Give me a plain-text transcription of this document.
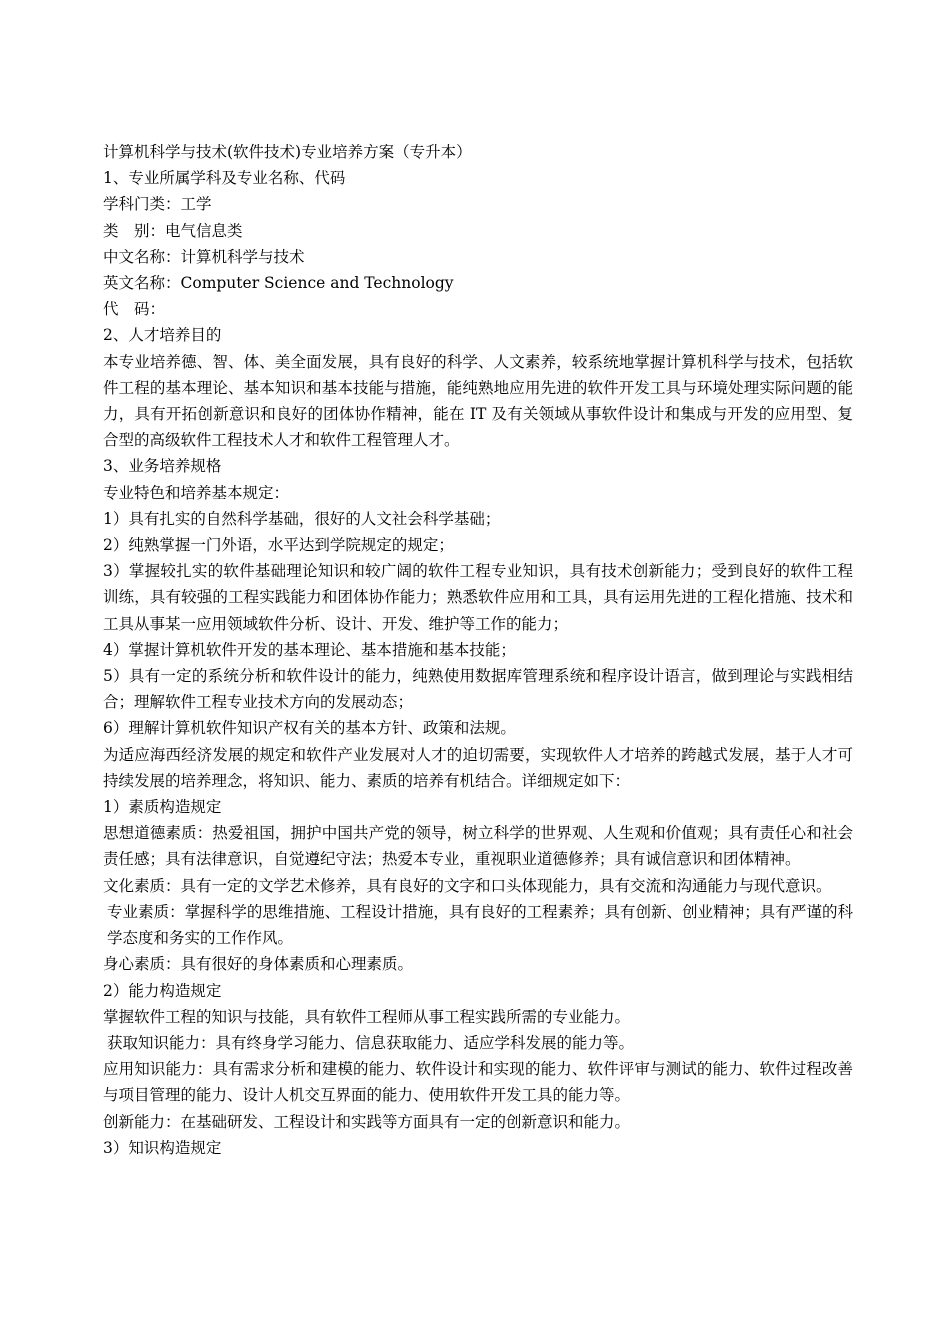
计算机科学与技术(软件技术)专业培养方案（专升本）

1、专业所属学科及专业名称、代码

学科门类：工学

类　别：电气信息类

中文名称：计算机科学与技术

英文名称：Computer Science and Technology

代　码：

2、人才培养目的

本专业培养德、智、体、美全面发展，具有良好的科学、人文素养，较系统地掌握计算机科学与技术，包括软件工程的基本理论、基本知识和基本技能与措施，能纯熟地应用先进的软件开发工具与环境处理实际问题的能力，具有开拓创新意识和良好的团体协作精神，能在 IT 及有关领域从事软件设计和集成与开发的应用型、复合型的高级软件工程技术人才和软件工程管理人才。

3、业务培养规格

专业特色和培养基本规定：

1）具有扎实的自然科学基础，很好的人文社会科学基础；

2）纯熟掌握一门外语，水平达到学院规定的规定；

3）掌握较扎实的软件基础理论知识和较广阔的软件工程专业知识，具有技术创新能力；受到良好的软件工程训练，具有较强的工程实践能力和团体协作能力；熟悉软件应用和工具，具有运用先进的工程化措施、技术和工具从事某一应用领域软件分析、设计、开发、维护等工作的能力；

4）掌握计算机软件开发的基本理论、基本措施和基本技能；

5）具有一定的系统分析和软件设计的能力，纯熟使用数据库管理系统和程序设计语言，做到理论与实践相结合；理解软件工程专业技术方向的发展动态；

6）理解计算机软件知识产权有关的基本方针、政策和法规。

为适应海西经济发展的规定和软件产业发展对人才的迫切需要，实现软件人才培养的跨越式发展，基于人才可持续发展的培养理念，将知识、能力、素质的培养有机结合。详细规定如下：

1）素质构造规定

思想道德素质：热爱祖国，拥护中国共产党的领导，树立科学的世界观、人生观和价值观；具有责任心和社会责任感；具有法律意识，自觉遵纪守法；热爱本专业，重视职业道德修养；具有诚信意识和团体精神。

文化素质：具有一定的文学艺术修养，具有良好的文字和口头体现能力，具有交流和沟通能力与现代意识。

专业素质：掌握科学的思维措施、工程设计措施，具有良好的工程素养；具有创新、创业精神；具有严谨的科学态度和务实的工作作风。

身心素质：具有很好的身体素质和心理素质。

2）能力构造规定

掌握软件工程的知识与技能，具有软件工程师从事工程实践所需的专业能力。

获取知识能力：具有终身学习能力、信息获取能力、适应学科发展的能力等。

应用知识能力：具有需求分析和建模的能力、软件设计和实现的能力、软件评审与测试的能力、软件过程改善与项目管理的能力、设计人机交互界面的能力、使用软件开发工具的能力等。

创新能力：在基础研发、工程设计和实践等方面具有一定的创新意识和能力。

3）知识构造规定
